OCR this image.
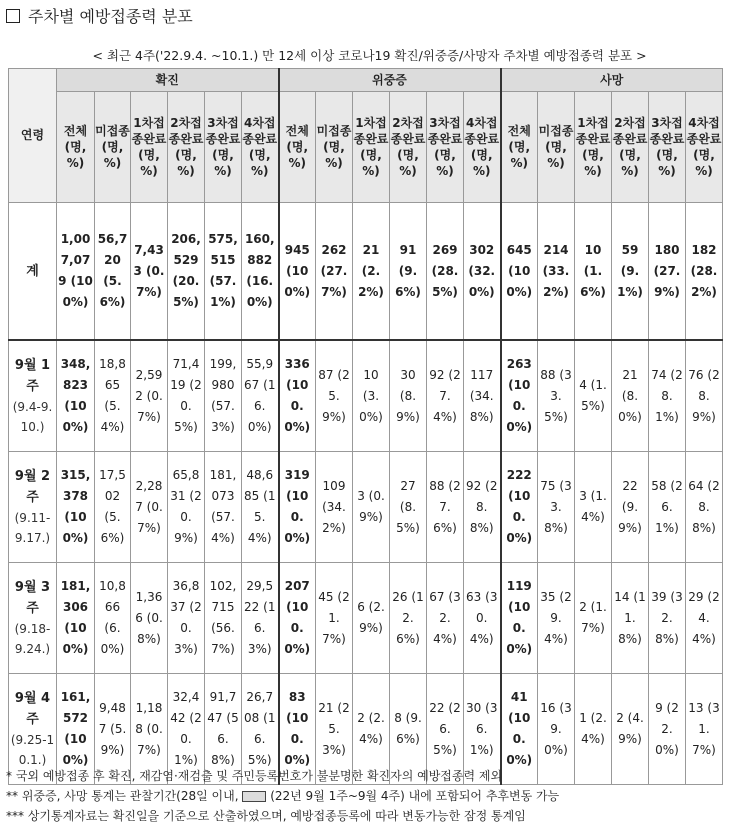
주차별 예방접종력 분포
< 최근 4주('22.9.4. ~10.1.) 만 12세 이상 코로나19 확진/위중증/사망자 주차별 예방접종력 분포 >
연령	확진						위중증						사망					
	전체 (명, %)	미접종 (명, %)	1차접종완료 (명, %)	2차접종완료 (명, %)	3차접종완료 (명, %)	4차접종완료 (명, %)	전체 (명, %)	미접종 (명, %)	1차접종완료 (명, %)	2차접종완료 (명, %)	3차접종완료 (명, %)	4차접종완료 (명, %)	전체 (명, %)	미접종 (명, %)	1차접종완료 (명, %)	2차접종완료 (명, %)	3차접종완료 (명, %)	4차접종완료 (명, %)
계	1,007,079 (100%)	56,720 (5.6%)	7,433 (0.7%)	206,529 (20.5%)	575,515 (57.1%)	160,882 (16.0%)	945 (100%)	262 (27.7%)	21 (2.2%)	91 (9.6%)	269 (28.5%)	302 (32.0%)	645 (100%)	214 (33.2%)	10 (1.6%)	59 (9.1%)	180 (27.9%)	182 (28.2%)
9월 1주
(9.4-9.10.)	348,823 (100%)	18,865 (5.4%)	2,592 (0.7%)	71,419 (20.5%)	199,980 (57.3%)	55,967 (16.0%)	336 (100.0%)	87 (25.9%)	10 (3.0%)	30 (8.9%)	92 (27.4%)	117 (34.8%)	263 (100.0%)	88 (33.5%)	4 (1.5%)	21 (8.0%)	74 (28.1%)	76 (28.9%)
9월 2주
(9.11-9.17.)	315,378 (100%)	17,502 (5.6%)	2,287 (0.7%)	65,831 (20.9%)	181,073 (57.4%)	48,685 (15.4%)	319 (100.0%)	109 (34.2%)	3 (0.9%)	27 (8.5%)	88 (27.6%)	92 (28.8%)	222 (100.0%)	75 (33.8%)	3 (1.4%)	22 (9.9%)	58 (26.1%)	64 (28.8%)
9월 3주
(9.18-9.24.)	181,306 (100%)	10,866 (6.0%)	1,366 (0.8%)	36,837 (20.3%)	102,715 (56.7%)	29,522 (16.3%)	207 (100.0%)	45 (21.7%)	6 (2.9%)	26 (12.6%)	67 (32.4%)	63 (30.4%)	119 (100.0%)	35 (29.4%)	2 (1.7%)	14 (11.8%)	39 (32.8%)	29 (24.4%)
9월 4주
(9.25-10.1.)	161,572 (100%)	9,487 (5.9%)	1,188 (0.7%)	32,442 (20.1%)	91,747 (56.8%)	26,708 (16.5%)	83 (100.0%)	21 (25.3%)	2 (2.4%)	8 (9.6%)	22 (26.5%)	30 (36.1%)	41 (100.0%)	16 (39.0%)	1 (2.4%)	2 (4.9%)	9 (22.0%)	13 (31.7%)
* 국외 예방접종 후 확진, 재감염·재검출 및 주민등록번호가 불분명한 확진자의 예방접종력 제외
** 위중증, 사망 통계는 관찰기간(28일 이내,	(22년 9월 1주~9월 4주) 내에 포함되어 추후변동 가능
*** 상기통계자료는 확진일을 기준으로 산출하였으며, 예방접종등록에 따라 변동가능한 잠정 통계임
